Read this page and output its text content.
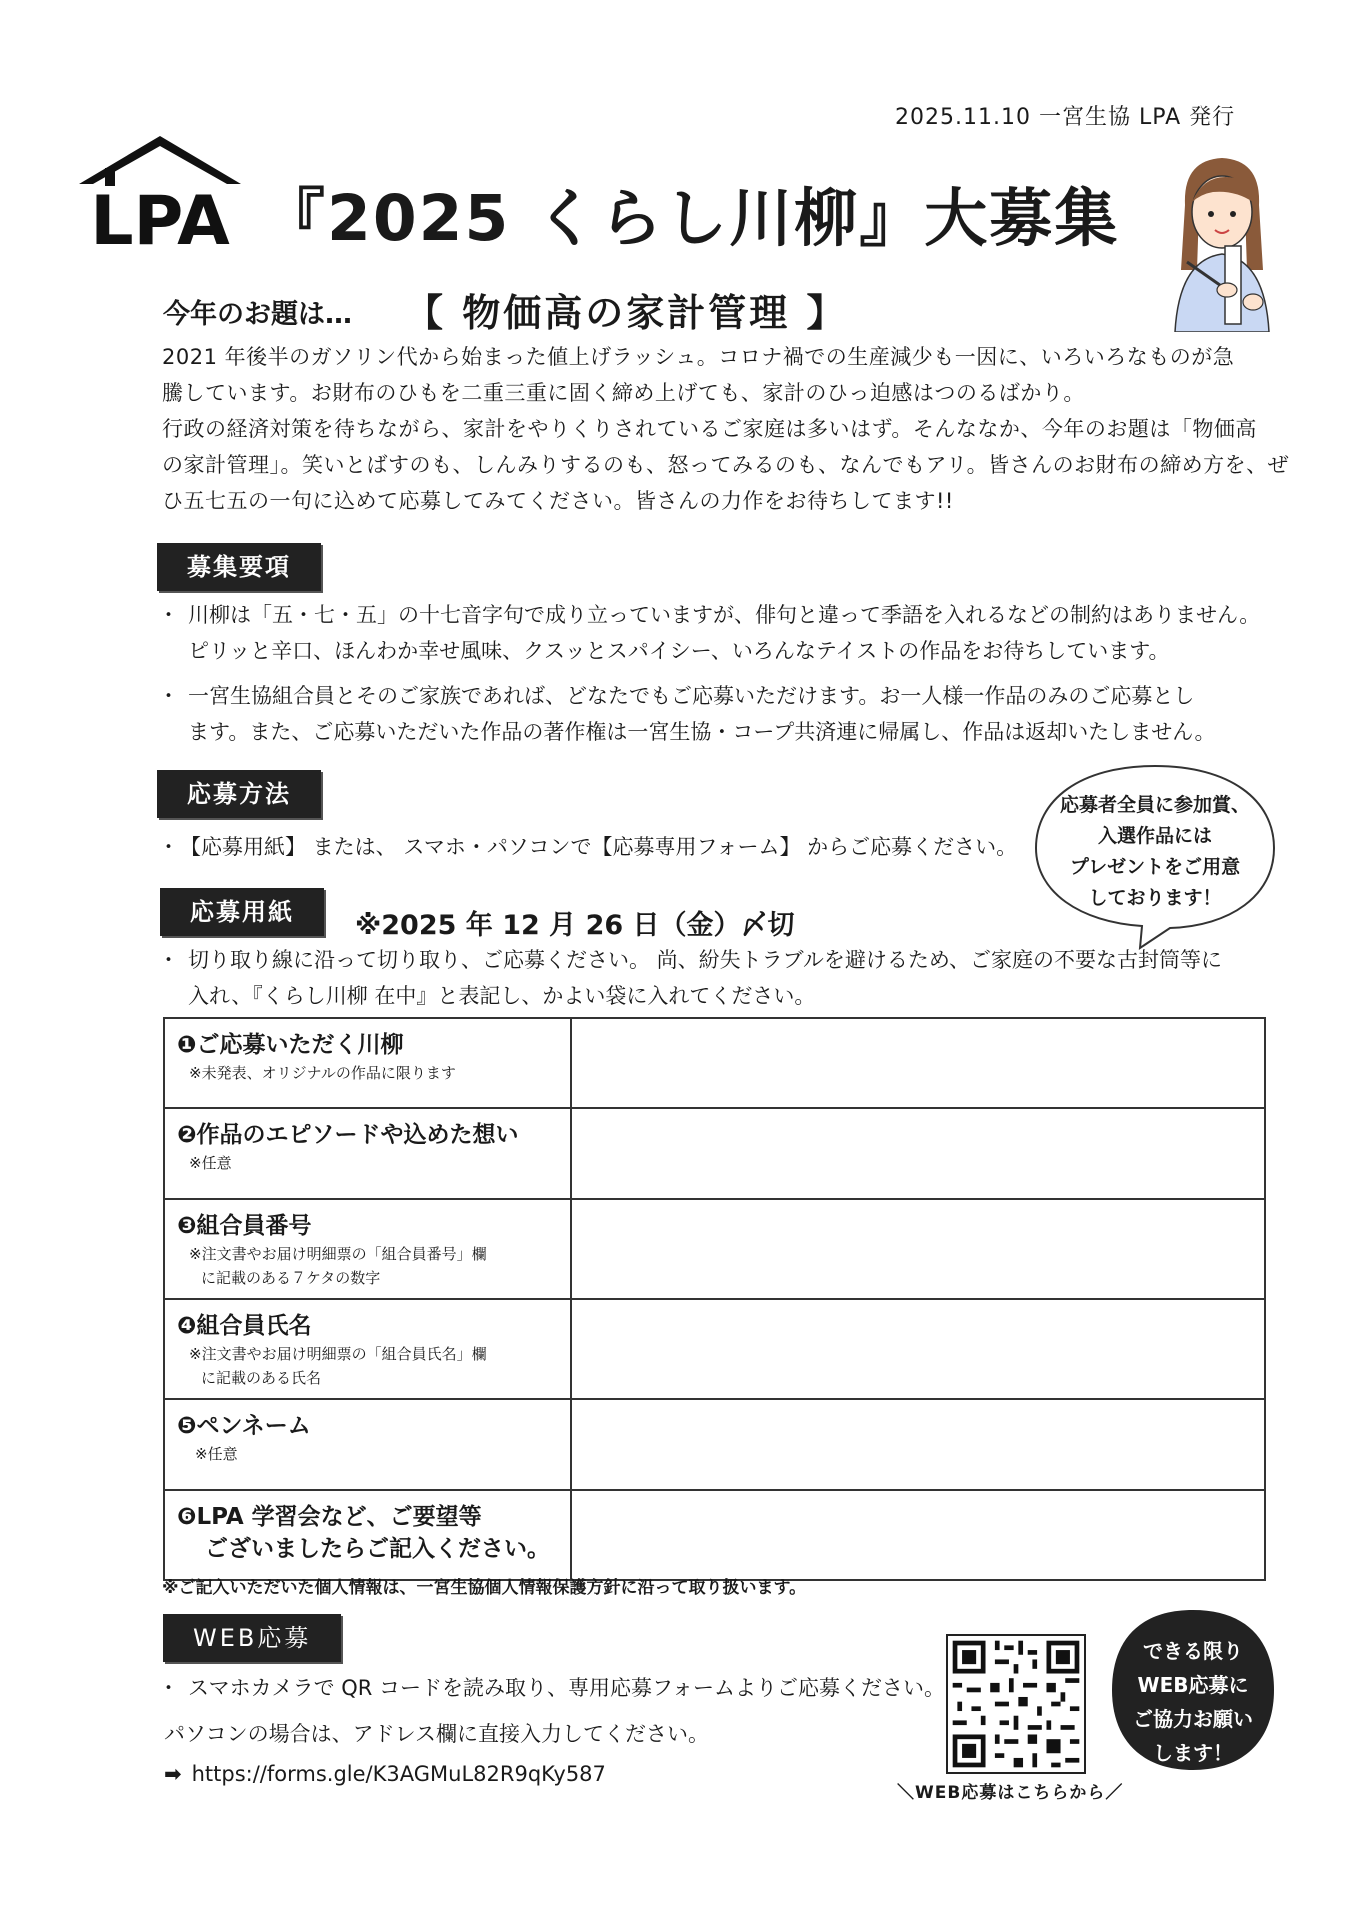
2025.11.10 一宮生協 LPA 発行
LPA 『2025 くらし川柳』大募集
今年のお題は… 【 物価高の家計管理 】
2021 年後半のガソリン代から始まった値上げラッシュ。コロナ禍での生産減少も一因に、いろいろなものが急
騰しています。お財布のひもを二重三重に固く締め上げても、家計のひっ迫感はつのるばかり。
行政の経済対策を待ちながら、家計をやりくりされているご家庭は多いはず。そんななか、今年のお題は「物価高
の家計管理」。笑いとばすのも、しんみりするのも、怒ってみるのも、なんでもアリ。皆さんのお財布の締め方を、ぜ
ひ五七五の一句に込めて応募してみてください。皆さんの力作をお待ちしてます!!
募集要項
・ 川柳は「五・七・五」の十七音字句で成り立っていますが、俳句と違って季語を入れるなどの制約はありません。
ピリッと辛口、ほんわか幸せ風味、クスッとスパイシー、いろんなテイストの作品をお待ちしています。
・ 一宮生協組合員とそのご家族であれば、どなたでもご応募いただけます。お一人様一作品のみのご応募とし
ます。また、ご応募いただいた作品の著作権は一宮生協・コープ共済連に帰属し、作品は返却いたしません。
応募方法
・ 【応募用紙】 または、 スマホ・パソコンで【応募専用フォーム】 からご応募ください。
応募者全員に参加賞、
入選作品には
プレゼントをご用意
しております！
応募用紙	※2025 年 12 月 26 日（金）〆切
・ 切り取り線に沿って切り取り、ご応募ください。 尚、紛失トラブルを避けるため、ご家庭の不要な古封筒等に
入れ、『くらし川柳 在中』と表記し、かよい袋に入れてください。
❶ご応募いただく川柳
※未発表、オリジナルの作品に限ります	

❷作品のエピソードや込めた想い
※任意	

❸組合員番号
※注文書やお届け明細票の「組合員番号」欄
に記載のある７ケタの数字	

❹組合員氏名
※注文書やお届け明細票の「組合員氏名」欄
に記載のある氏名	

❺ペンネーム
※任意	

❻LPA 学習会など、ご要望等
ございましたらご記入ください。	

※ご記入いただいた個人情報は、一宮生協個人情報保護方針に沿って取り扱います。
WEB応募
・ スマホカメラで QR コードを読み取り、専用応募フォームよりご応募ください。
パソコンの場合は、アドレス欄に直接入力してください。
➡ https://forms.gle/K3AGMuL82R9qKy587
＼WEB応募はこちらから／
できる限り
WEB応募に
ご協力お願い
します！
